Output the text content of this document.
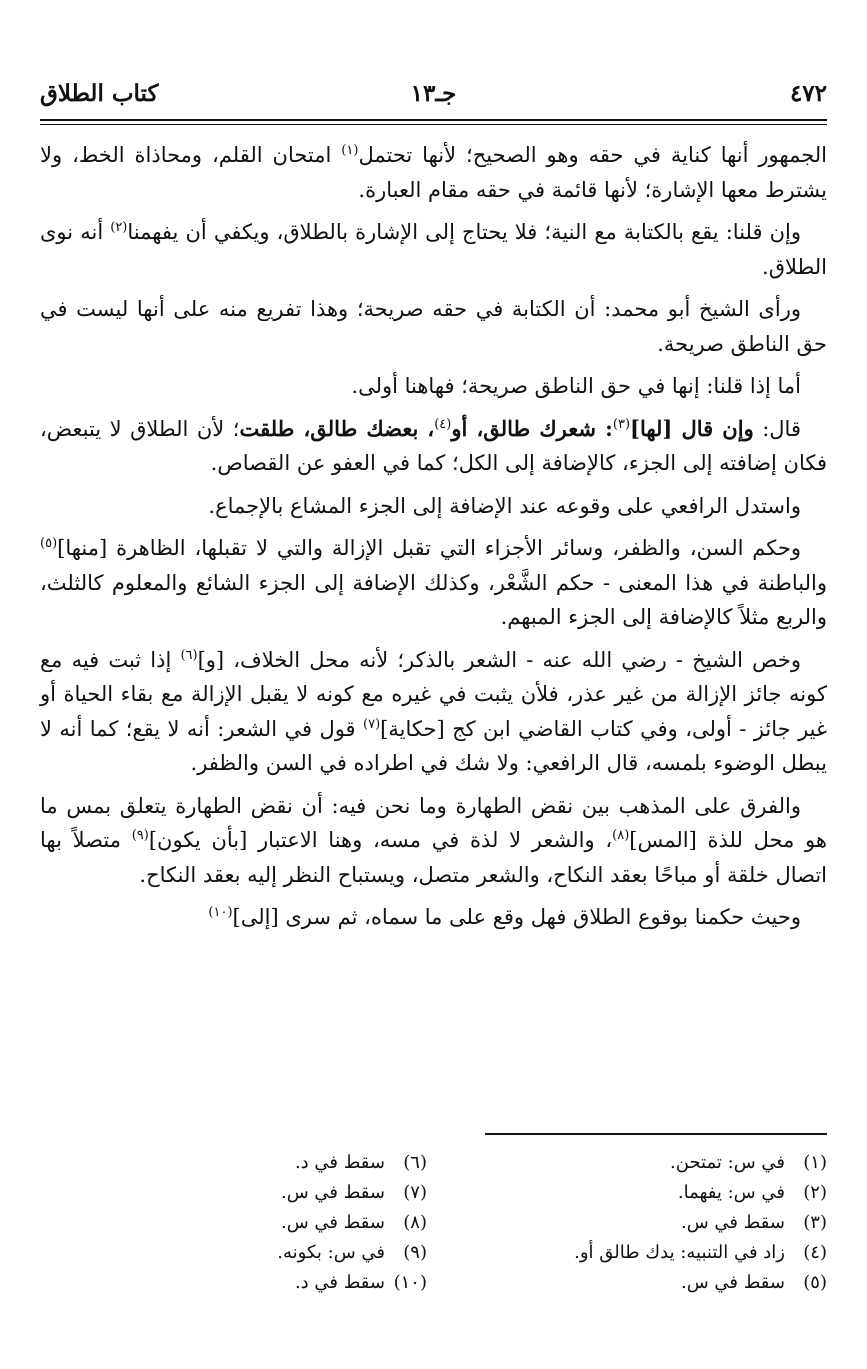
٤٧٢
جـ١٣
كتاب الطلاق

الجمهور أنها كناية في حقه وهو الصحيح؛ لأنها تحتمل$^{(١)}$ امتحان القلم، ومحاذاة الخط، ولا يشترط معها الإشارة؛ لأنها قائمة في حقه مقام العبارة.

وإن قلنا: يقع بالكتابة مع النية؛ فلا يحتاج إلى الإشارة بالطلاق، ويكفي أن يفهمنا$^{(٢)}$ أنه نوى الطلاق.

ورأى الشيخ أبو محمد: أن الكتابة في حقه صريحة؛ وهذا تفريع منه على أنها ليست في حق الناطق صريحة.

أما إذا قلنا: إنها في حق الناطق صريحة؛ فهاهنا أولى.

قال: وإن قال [لها]$^{(٣)}$: شعرك طالق، أو$^{(٤)}$، بعضك طالق، طلقت؛ لأن الطلاق لا يتبعض، فكان إضافته إلى الجزء، كالإضافة إلى الكل؛ كما في العفو عن القصاص.

واستدل الرافعي على وقوعه عند الإضافة إلى الجزء المشاع بالإجماع.

وحكم السن، والظفر، وسائر الأجزاء التي تقبل الإزالة والتي لا تقبلها، الظاهرة [منها]$^{(٥)}$ والباطنة في هذا المعنى - حكم الشَّعْر، وكذلك الإضافة إلى الجزء الشائع والمعلوم كالثلث، والربع مثلاً كالإضافة إلى الجزء المبهم.

وخص الشيخ - رضي الله عنه - الشعر بالذكر؛ لأنه محل الخلاف، [و]$^{(٦)}$ إذا ثبت فيه مع كونه جائز الإزالة من غير عذر، فلأن يثبت في غيره مع كونه لا يقبل الإزالة مع بقاء الحياة أو غير جائز - أولى، وفي كتاب القاضي ابن كج [حكاية]$^{(٧)}$ قول في الشعر: أنه لا يقع؛ كما أنه لا يبطل الوضوء بلمسه، قال الرافعي: ولا شك في اطراده في السن والظفر.

والفرق على المذهب بين نقض الطهارة وما نحن فيه: أن نقض الطهارة يتعلق بمس ما هو محل للذة [المس]$^{(٨)}$، والشعر لا لذة في مسه، وهنا الاعتبار [بأن يكون]$^{(٩)}$ متصلاً بها اتصال خلقة أو مباحًا بعقد النكاح، والشعر متصل، ويستباح النظر إليه بعقد النكاح.

وحيث حكمنا بوقوع الطلاق فهل وقع على ما سماه، ثم سرى [إلى]$^{(١٠)}$

(١)في س: تمتحن.
(٢)في س: يفهما.
(٣)سقط في س.
(٤)زاد في التنبيه: يدك طالق أو.
(٥)سقط في س.
(٦)سقط في د.
(٧)سقط في س.
(٨)سقط في س.
(٩)في س: بكونه.
(١٠)سقط في د.
